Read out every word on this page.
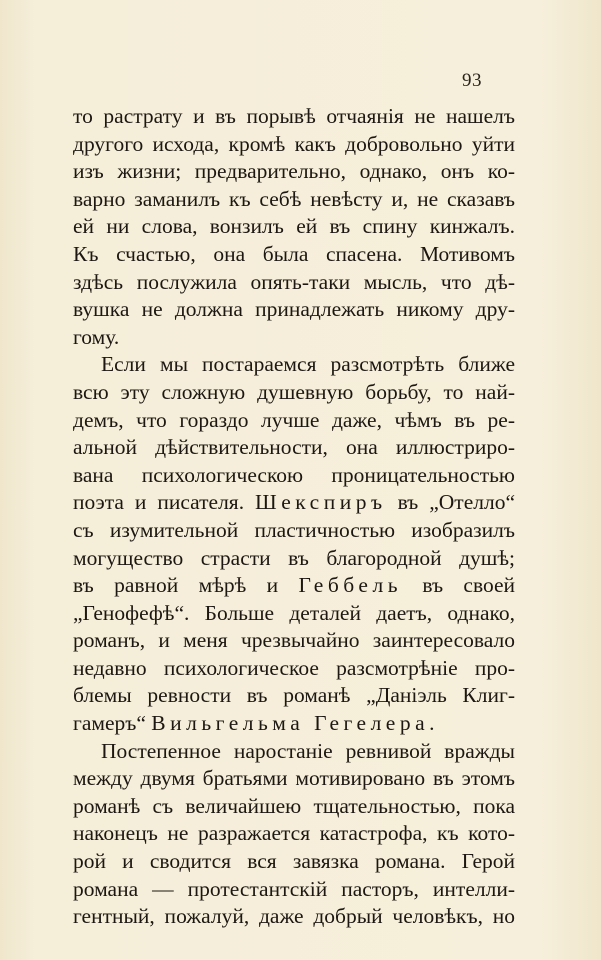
93
то растрату и въ порывѣ отчаянія не нашелъ
другого исхода, кромѣ какъ добровольно уйти
изъ жизни; предварительно, однако, онъ ко-
варно заманилъ къ себѣ невѣсту и, не сказавъ
ей ни слова, вонзилъ ей въ спину кинжалъ.
Къ счастью, она была спасена. Мотивомъ
здѣсь послужила опять-таки мысль, что дѣ-
вушка не должна принадлежать никому дру-
гому.
Если мы постараемся разсмотрѣть ближе
всю эту сложную душевную борьбу, то най-
демъ, что гораздо лучше даже, чѣмъ въ ре-
альной дѣйствительности, она иллюстриро-
вана психологическою проницательностью
поэта и писателя. Шекспиръ въ „Отелло“
съ изумительной пластичностью изобразилъ
могущество страсти въ благородной душѣ;
въ равной мѣрѣ и Геббель въ своей
„Генофефѣ“. Больше деталей даетъ, однако,
романъ, и меня чрезвычайно заинтересовало
недавно психологическое разсмотрѣніе про-
блемы ревности въ романѣ „Даніэль Клиг-
гамеръ“ Вильгельма Гегелера.
Постепенное наростаніе ревнивой вражды
между двумя братьями мотивировано въ этомъ
романѣ съ величайшею тщательностью, пока
наконецъ не разражается катастрофа, къ кото-
рой и сводится вся завязка романа. Герой
романа — протестантскій пасторъ, интелли-
гентный, пожалуй, даже добрый человѣкъ, но
